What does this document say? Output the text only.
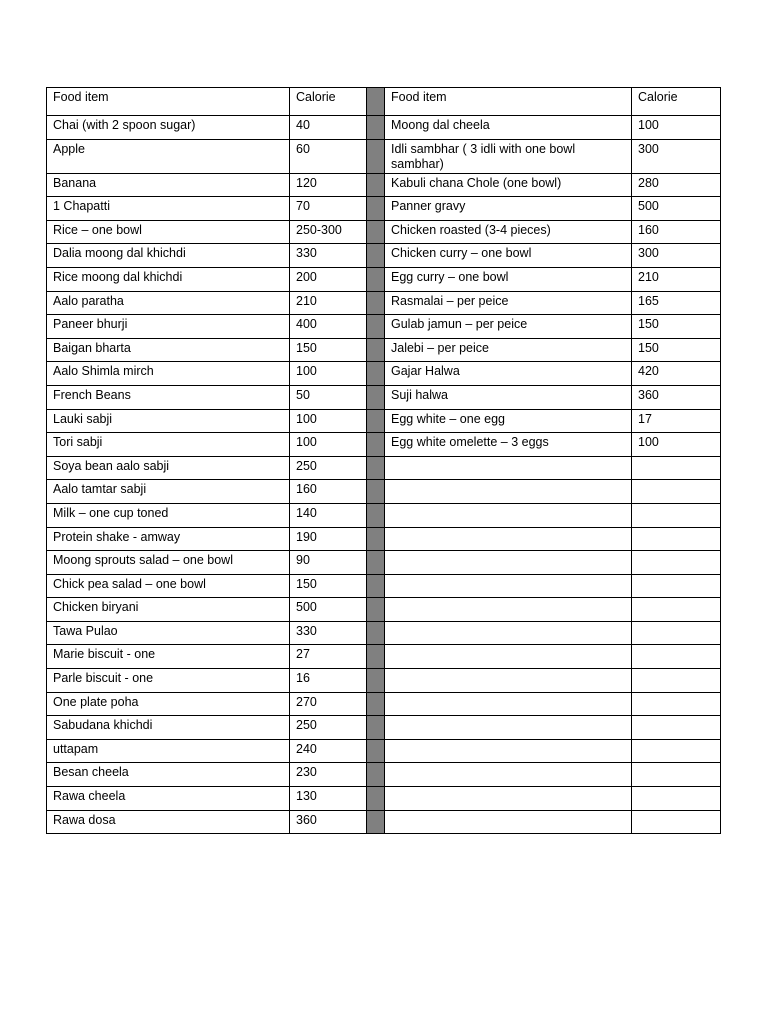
Food item	Calorie		Food item	Calorie
Chai (with 2 spoon sugar)	40		Moong dal cheela	100
Apple	60		Idli sambhar ( 3 idli with one bowl sambhar)	300
Banana	120		Kabuli chana Chole (one bowl)	280
1 Chapatti	70		Panner gravy	500
Rice – one bowl	250-300		Chicken roasted (3-4 pieces)	160
Dalia moong dal khichdi	330		Chicken curry – one bowl	300
Rice moong dal khichdi	200		Egg curry – one bowl	210
Aalo paratha	210		Rasmalai – per peice	165
Paneer bhurji	400		Gulab jamun – per peice	150
Baigan bharta	150		Jalebi – per peice	150
Aalo Shimla mirch	100		Gajar Halwa	420
French Beans	50		Suji halwa	360
Lauki sabji	100		Egg white – one egg	17
Tori sabji	100		Egg white omelette – 3 eggs	100
Soya bean aalo sabji	250			
Aalo tamtar sabji	160			
Milk – one cup toned	140			
Protein shake - amway	190			
Moong sprouts salad – one bowl	90			
Chick pea salad – one bowl	150			
Chicken biryani	500			
Tawa Pulao	330			
Marie biscuit - one	27			
Parle biscuit - one	16			
One plate poha	270			
Sabudana khichdi	250			
uttapam	240			
Besan cheela	230			
Rawa cheela	130			
Rawa dosa	360			
